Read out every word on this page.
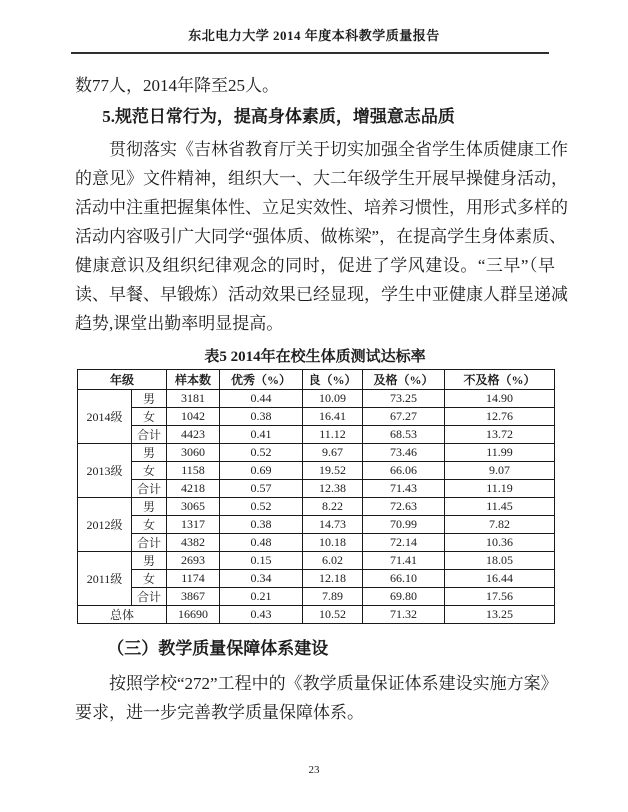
东北电力大学 2014 年度本科教学质量报告
数77人，2014年降至25人。
5.规范日常行为，提高身体素质，增强意志品质
贯彻落实《吉林省教育厅关于切实加强全省学生体质健康工作
的意见》文件精神，组织大一、大二年级学生开展早操健身活动，
活动中注重把握集体性、立足实效性、培养习惯性，用形式多样的
活动内容吸引广大同学“强体质、做栋梁”，在提高学生身体素质、
健康意识及组织纪律观念的同时，促进了学风建设。“三早”（早
读、早餐、早锻炼）活动效果已经显现，学生中亚健康人群呈递减
趋势,课堂出勤率明显提高。
表5 2014年在校生体质测试达标率
年级		样本数	优秀（%）	良（%）	及格（%）	不及格（%）
2014级	男	3181	0.44	10.09	73.25	14.90
	女	1042	0.38	16.41	67.27	12.76
	合计	4423	0.41	11.12	68.53	13.72
2013级	男	3060	0.52	9.67	73.46	11.99
	女	1158	0.69	19.52	66.06	9.07
	合计	4218	0.57	12.38	71.43	11.19
2012级	男	3065	0.52	8.22	72.63	11.45
	女	1317	0.38	14.73	70.99	7.82
	合计	4382	0.48	10.18	72.14	10.36
2011级	男	2693	0.15	6.02	71.41	18.05
	女	1174	0.34	12.18	66.10	16.44
	合计	3867	0.21	7.89	69.80	17.56
总体		16690	0.43	10.52	71.32	13.25
（三）教学质量保障体系建设
按照学校“272”工程中的《教学质量保证体系建设实施方案》
要求，进一步完善教学质量保障体系。
23
